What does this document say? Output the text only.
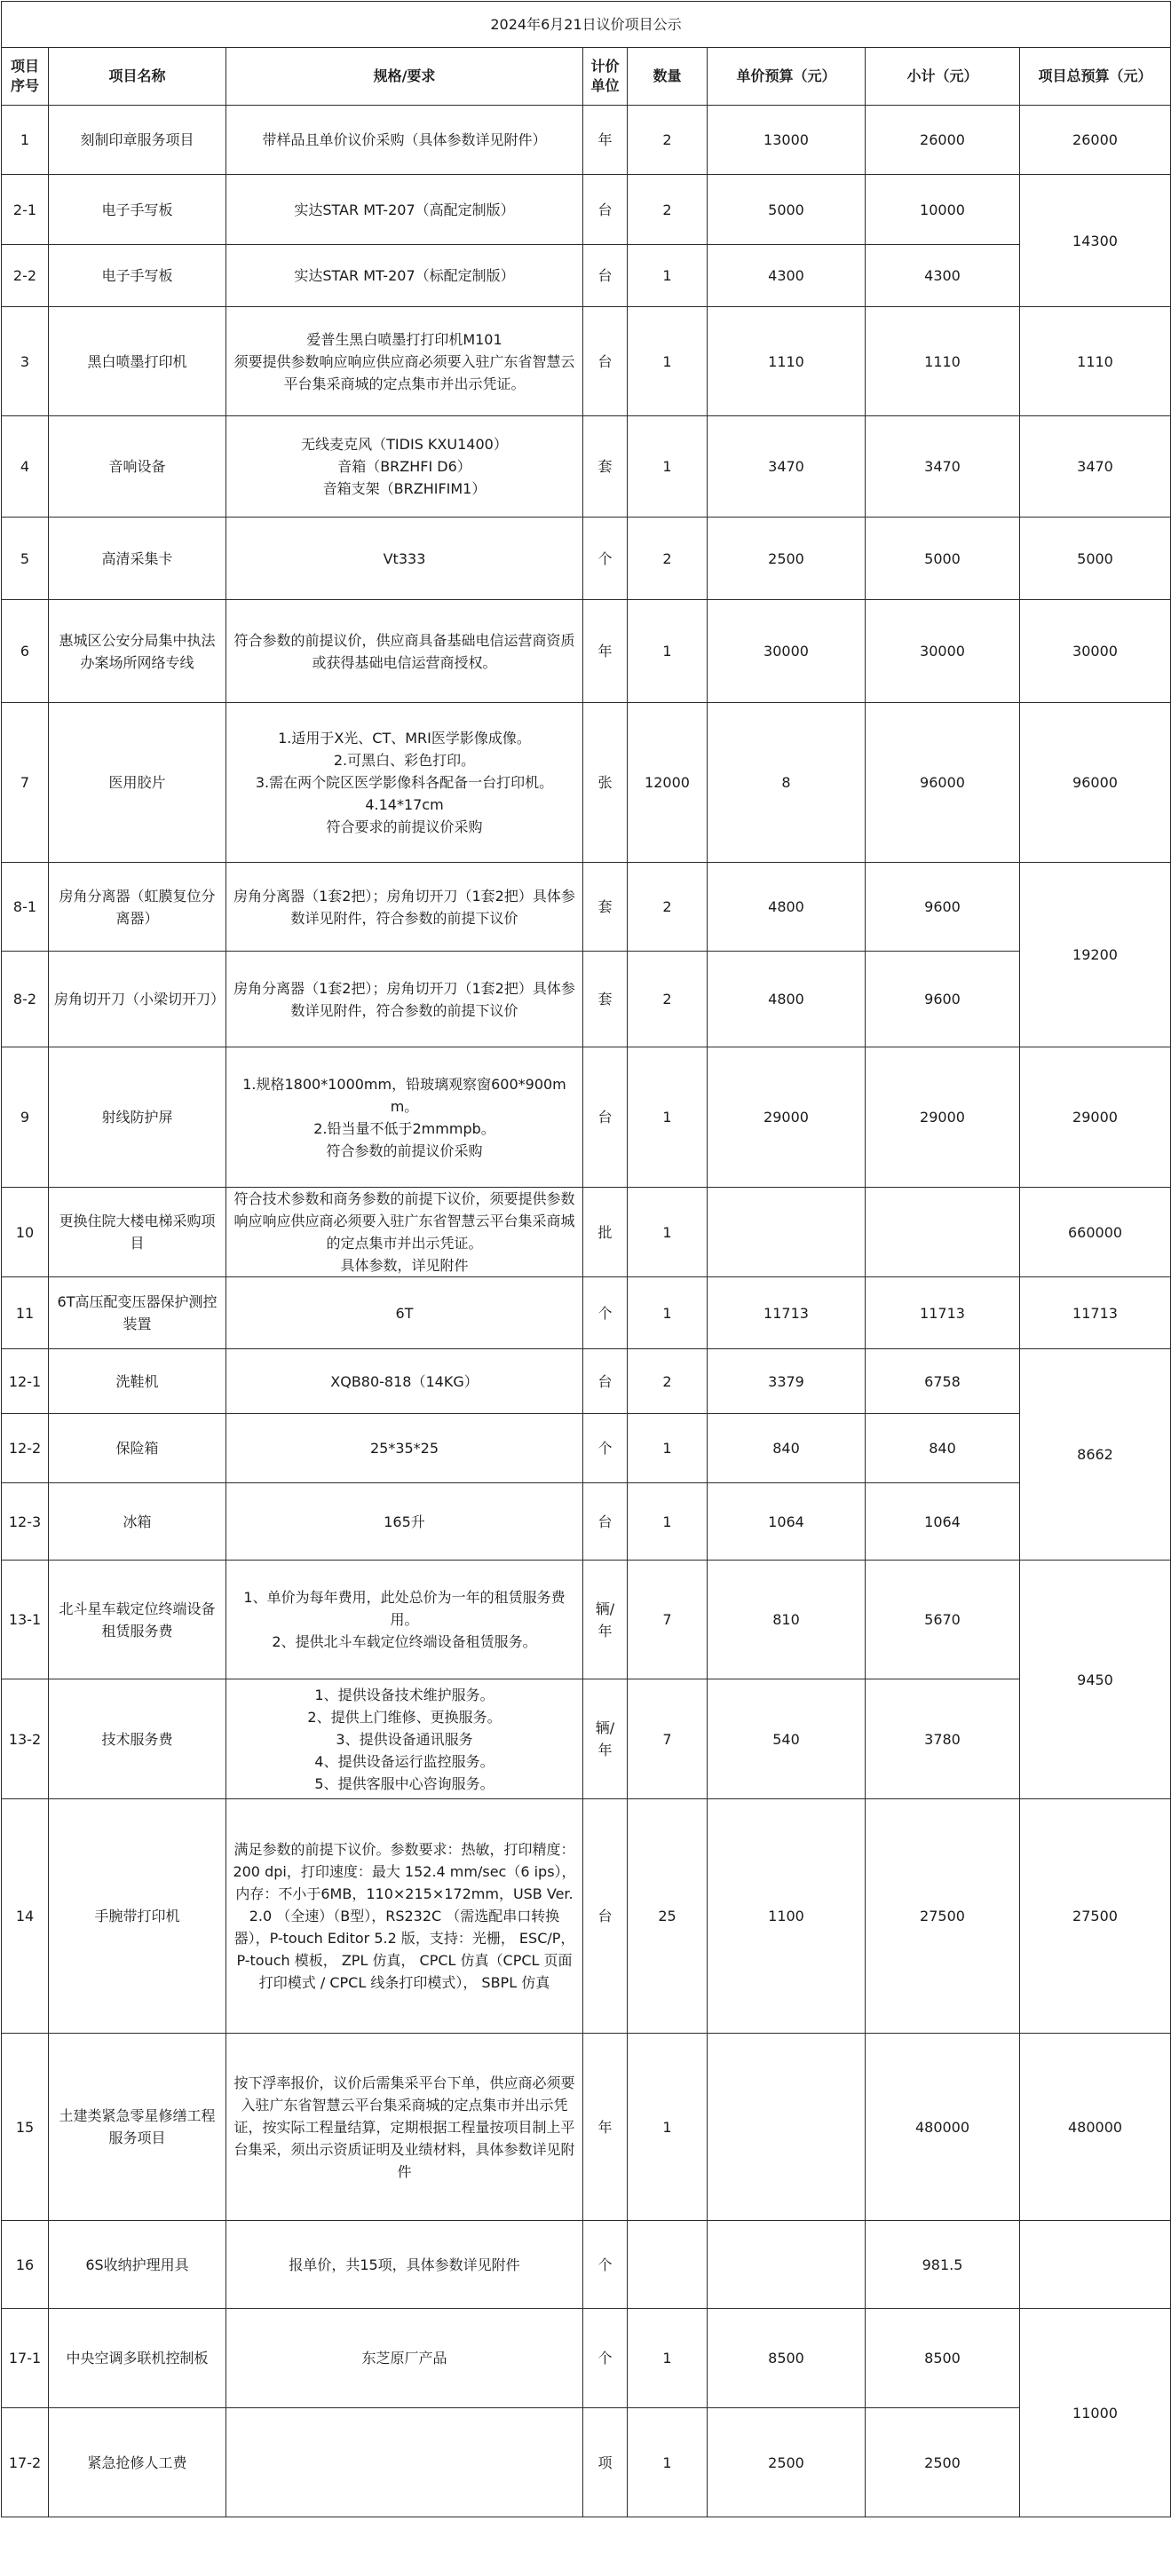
2024年6月21日议价项目公示							
项目序号	项目名称	规格/要求	计价单位	数量	单价预算（元）	小计（元）	项目总预算（元）
1	刻制印章服务项目	带样品且单价议价采购（具体参数详见附件）	年	2	13000	26000	26000
2-1	电子手写板	实达STAR MT-207（高配定制版）	台	2	5000	10000	14300
2-2	电子手写板	实达STAR MT-207（标配定制版）	台	1	4300	4300	
3	黑白喷墨打印机	爱普生黑白喷墨打打印机M101
须要提供参数响应响应供应商必须要入驻广东省智慧云平台集采商城的定点集市并出示凭证。	台	1	1110	1110	1110
4	音响设备	无线麦克风（TIDIS KXU1400）
音箱（BRZHFI D6）
音箱支架（BRZHIFIM1）	套	1	3470	3470	3470
5	高清采集卡	Vt333	个	2	2500	5000	5000
6	惠城区公安分局集中执法办案场所网络专线	符合参数的前提议价，供应商具备基础电信运营商资质或获得基础电信运营商授权。	年	1	30000	30000	30000
7	医用胶片	1.适用于X光、CT、MRI医学影像成像。
2.可黑白、彩色打印。
3.需在两个院区医学影像科各配备一台打印机。
4.14*17cm
符合要求的前提议价采购	张	12000	8	96000	96000
8-1	房角分离器（虹膜复位分离器）	房角分离器（1套2把）；房角切开刀（1套2把）具体参数详见附件，符合参数的前提下议价	套	2	4800	9600	19200
8-2	房角切开刀（小梁切开刀）	房角分离器（1套2把）；房角切开刀（1套2把）具体参数详见附件，符合参数的前提下议价	套	2	4800	9600	
9	射线防护屏	1.规格1800*1000mm，铅玻璃观察窗600*900mm。
2.铅当量不低于2mmmpb。
符合参数的前提议价采购	台	1	29000	29000	29000
10	更换住院大楼电梯采购项目	符合技术参数和商务参数的前提下议价，须要提供参数响应响应供应商必须要入驻广东省智慧云平台集采商城的定点集市并出示凭证。
具体参数，详见附件	批	1			660000
11	6T高压配变压器保护测控装置	6T	个	1	11713	11713	11713
12-1	洗鞋机	XQB80-818（14KG）	台	2	3379	6758	8662
12-2	保险箱	25*35*25	个	1	840	840	
12-3	冰箱	165升	台	1	1064	1064	
13-1	北斗星车载定位终端设备租赁服务费	1、单价为每年费用，此处总价为一年的租赁服务费用。
2、提供北斗车载定位终端设备租赁服务。	辆/年	7	810	5670	9450
13-2	技术服务费	1、提供设备技术维护服务。
2、提供上门维修、更换服务。
3、提供设备通讯服务
4、提供设备运行监控服务。
5、提供客服中心咨询服务。	辆/年	7	540	3780	
14	手腕带打印机	满足参数的前提下议价。参数要求：热敏，打印精度：200 dpi，打印速度：最大 152.4 mm/sec（6 ips），内存：不小于6MB，110×215×172mm，USB Ver.2.0 （全速）（B型），RS232C （需选配串口转换器），P-touch Editor 5.2 版，支持：光栅， ESC/P，P-touch 模板， ZPL 仿真， CPCL 仿真（CPCL 页面打印模式 / CPCL 线条打印模式）， SBPL 仿真	台	25	1100	27500	27500
15	土建类紧急零星修缮工程服务项目	按下浮率报价，议价后需集采平台下单，供应商必须要入驻广东省智慧云平台集采商城的定点集市并出示凭证，按实际工程量结算，定期根据工程量按项目制上平台集采，须出示资质证明及业绩材料，具体参数详见附件	年	1		480000	480000
16	6S收纳护理用具	报单价，共15项，具体参数详见附件	个			981.5	
17-1	中央空调多联机控制板	东芝原厂产品	个	1	8500	8500	11000
17-2	紧急抢修人工费		项	1	2500	2500	
